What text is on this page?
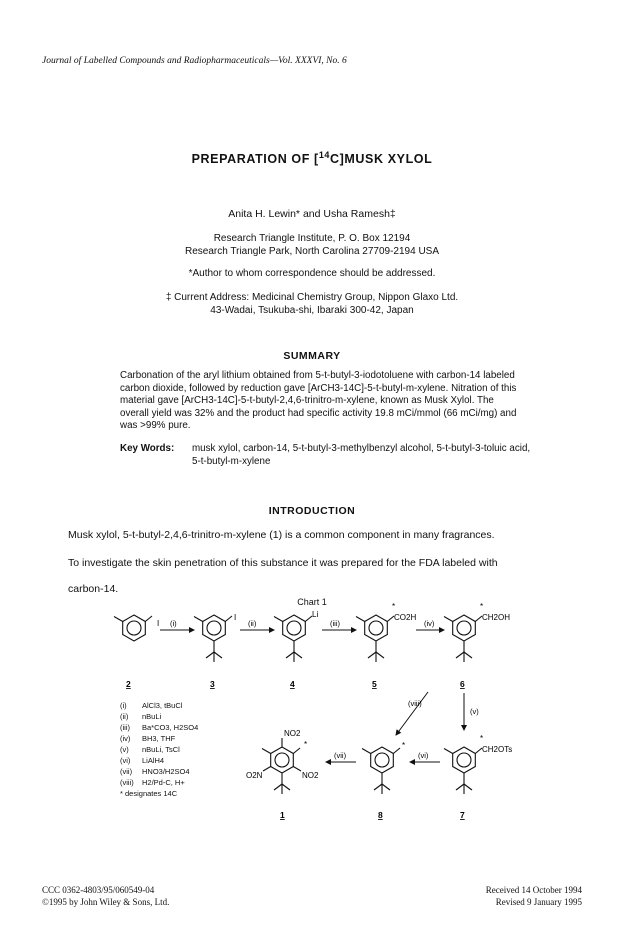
Journal of Labelled Compounds and Radiopharmaceuticals—Vol. XXXVI, No. 6
PREPARATION OF [$^{14}$C]MUSK XYLOL
Anita H. Lewin* and Usha Ramesh‡
Research Triangle Institute, P. O. Box 12194
Research Triangle Park, North Carolina 27709-2194 USA
*Author to whom correspondence should be addressed.
‡ Current Address: Medicinal Chemistry Group, Nippon Glaxo Ltd.
43-Wadai, Tsukuba-shi, Ibaraki 300-42, Japan
SUMMARY
Carbonation of the aryl lithium obtained from 5-t-butyl-3-iodotoluene with carbon-14 labeled carbon dioxide, followed by reduction gave [ArCH3-14C]-5-t-butyl-m-xylene. Nitration of this material gave [ArCH3-14C]-5-t-butyl-2,4,6-trinitro-m-xylene, known as Musk Xylol. The overall yield was 32% and the product had specific activity 19.8 mCi/mmol (66 mCi/mg) and was >99% pure.
Key Words: musk xylol, carbon-14, 5-t-butyl-3-methylbenzyl alcohol, 5-t-butyl-3-toluic acid, 5-t-butyl-m-xylene
INTRODUCTION
Musk xylol, 5-t-butyl-2,4,6-trinitro-m-xylene (1) is a common component in many fragrances.
To investigate the skin penetration of this substance it was prepared for the FDA labeled with
carbon-14.
Chart 1
I (i)
I
(ii)
Li
(iii)
*
CO2H
(iv)
*
CH2OH
2	3	4	5	6
(viii)
(v)
*
CH2OTs
(vi)
*
(vii)
NO2
*
NO2
O2N
1	8	7
(i) AlCl3, tBuCl
(ii) nBuLi
(iii) Ba*CO3, H2SO4
(iv) BH3, THF
(v) nBuLi, TsCl
(vi) LiAlH4
(vii) HNO3/H2SO4
(viii) H2/Pd-C, H+
* designates 14C
CCC 0362-4803/95/060549-04
©1995 by John Wiley & Sons, Ltd.
Received 14 October 1994
Revised 9 January 1995
